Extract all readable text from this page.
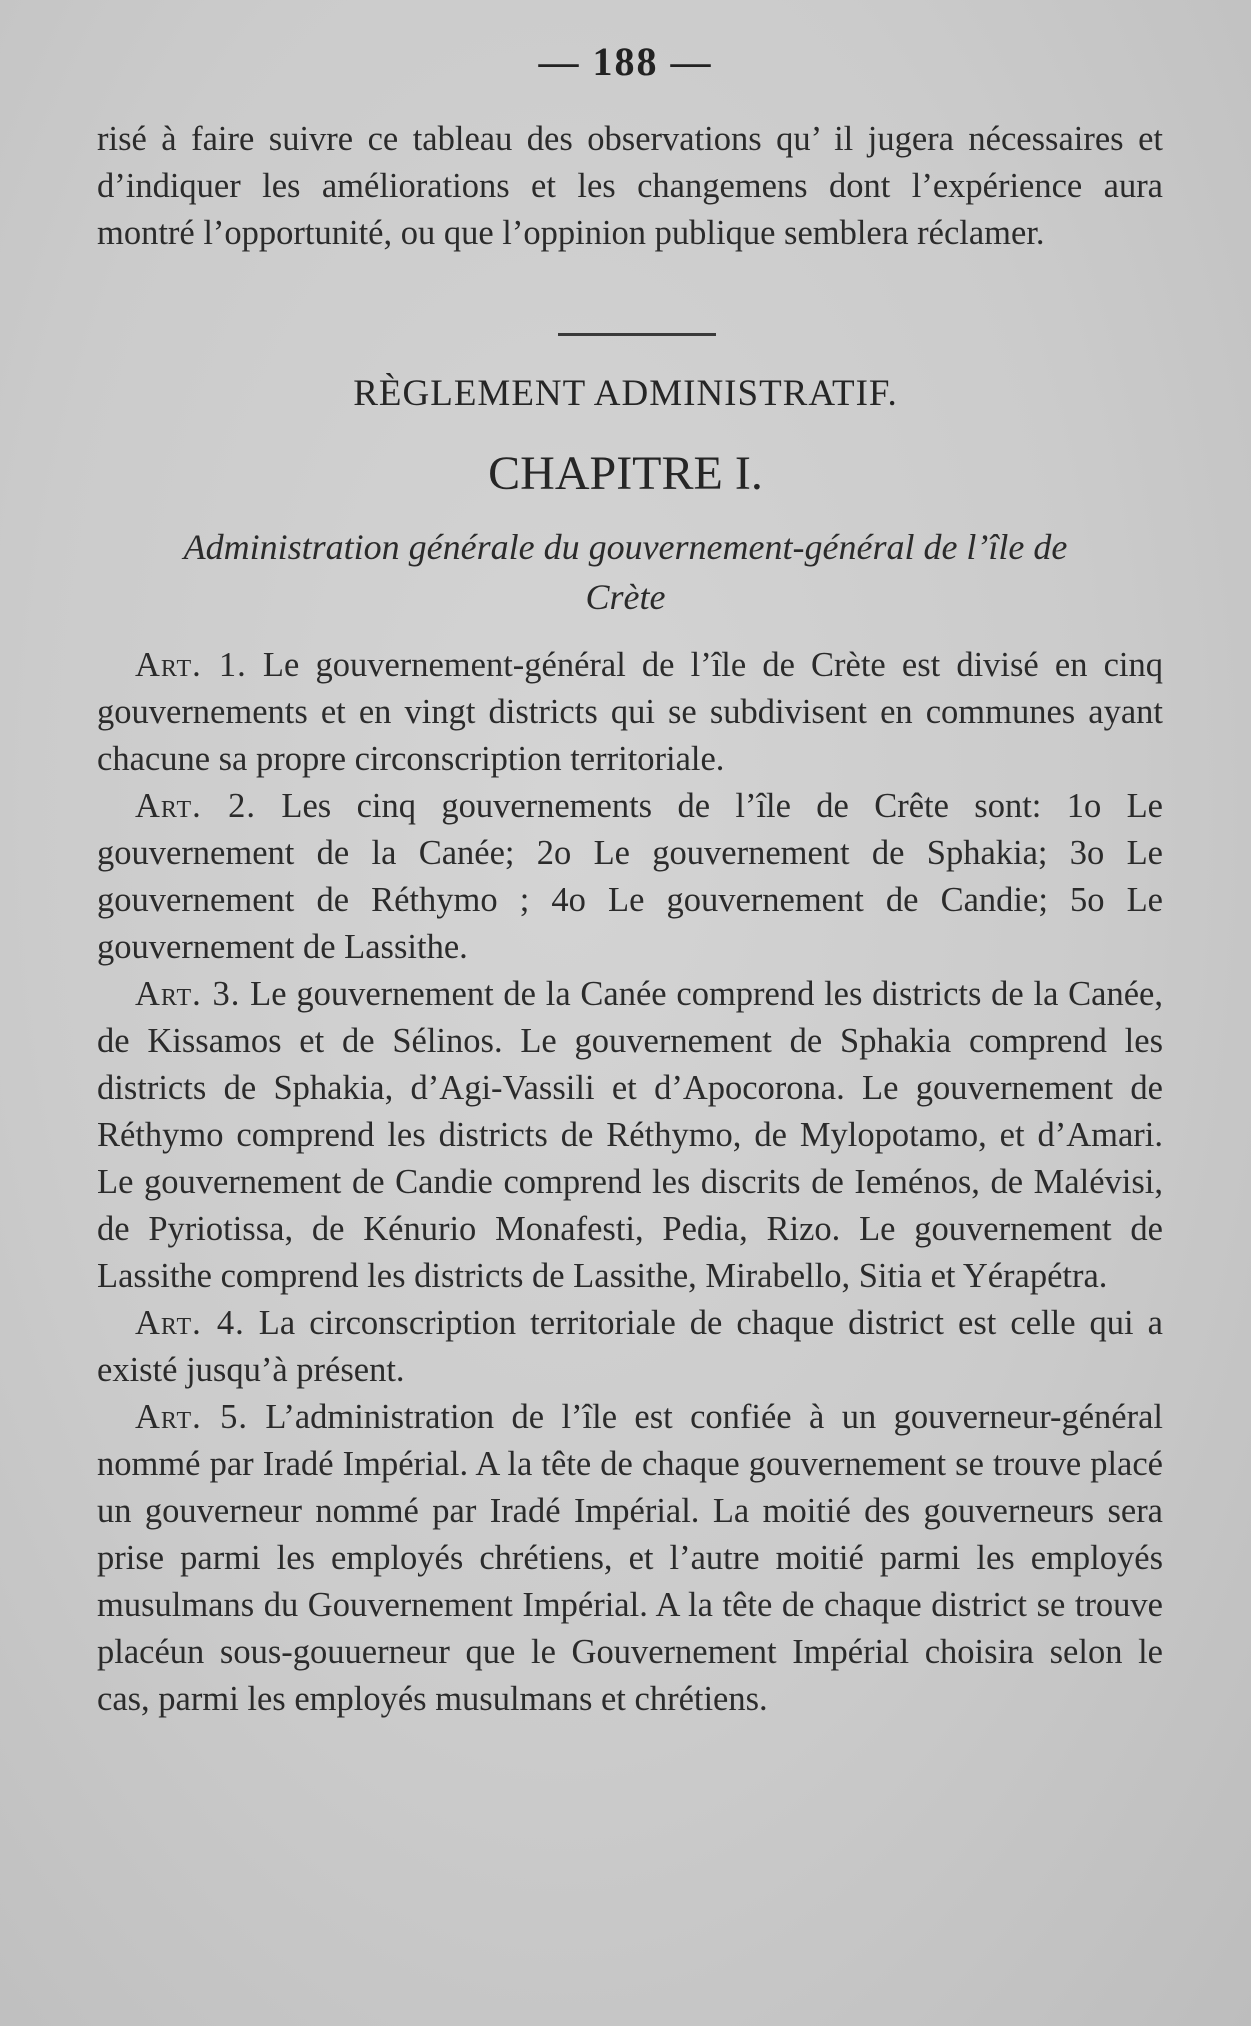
— 188 —
risé à faire suivre ce tableau des observations qu’ il jugera nécessaires et d’indiquer les améliorations et les changemens dont l’expérience aura montré l’opportunité, ou que l’oppinion publique semblera réclamer.
RÈGLEMENT ADMINISTRATIF.
CHAPITRE I.
Administration générale du gouvernement-général de l’île de Crète

Art. 1. Le gouvernement-général de l’île de Crète est divisé en cinq gouvernements et en vingt districts qui se subdivisent en communes ayant chacune sa propre circonscription territoriale.

Art. 2. Les cinq gouvernements de l’île de Crête sont: 1o Le gouvernement de la Canée; 2o Le gouvernement de Sphakia; 3o Le gouvernement de Réthymo ; 4o Le gouvernement de Candie; 5o Le gouvernement de Lassithe.

Art. 3. Le gouvernement de la Canée comprend les districts de la Canée, de Kissamos et de Sélinos. Le gouvernement de Sphakia comprend les districts de Sphakia, d’Agi-Vassili et d’Apocorona. Le gouvernement de Réthymo comprend les districts de Réthymo, de Mylopotamo, et d’Amari. Le gouvernement de Candie comprend les discrits de Ieménos, de Malévisi, de Pyriotissa, de Kénurio Monafesti, Pedia, Rizo. Le gouvernement de Lassithe comprend les districts de Lassithe, Mirabello, Sitia et Yérapétra.

Art. 4. La circonscription territoriale de chaque district est celle qui a existé jusqu’à présent.

Art. 5. L’administration de l’île est confiée à un gouverneur-général nommé par Iradé Impérial. A la tête de chaque gouvernement se trouve placé un gouverneur nommé par Iradé Impérial. La moitié des gouverneurs sera prise parmi les employés chrétiens, et l’autre moitié parmi les employés musulmans du Gouvernement Impérial. A la tête de chaque district se trouve placéun sous-gouuerneur que le Gouvernement Impérial choisira selon le cas, parmi les employés musulmans et chrétiens.
